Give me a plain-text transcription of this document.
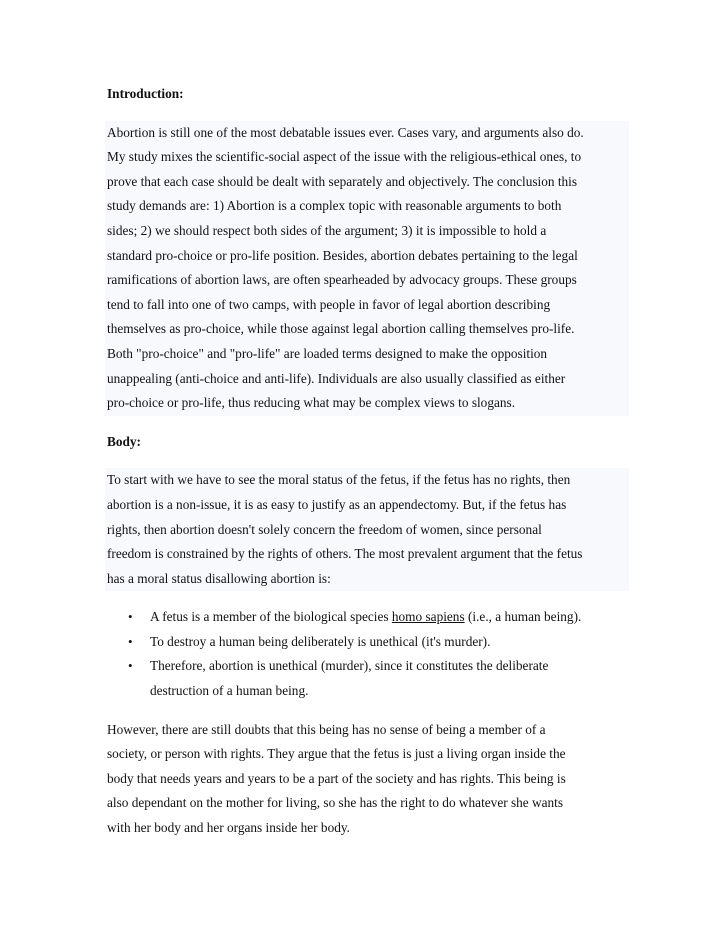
Introduction:

Abortion is still one of the most debatable issues ever. Cases vary, and arguments also do.
My study mixes the scientific-social aspect of the issue with the religious-ethical ones, to
prove that each case should be dealt with separately and objectively. The conclusion this
study demands are: 1) Abortion is a complex topic with reasonable arguments to both
sides; 2) we should respect both sides of the argument; 3) it is impossible to hold a
standard pro-choice or pro-life position. Besides, abortion debates pertaining to the legal
ramifications of abortion laws, are often spearheaded by advocacy groups. These groups
tend to fall into one of two camps, with people in favor of legal abortion describing
themselves as pro-choice, while those against legal abortion calling themselves pro-life.
Both "pro-choice" and "pro-life" are loaded terms designed to make the opposition
unappealing (anti-choice and anti-life). Individuals are also usually classified as either
pro-choice or pro-life, thus reducing what may be complex views to slogans.

Body:

To start with we have to see the moral status of the fetus, if the fetus has no rights, then
abortion is a non-issue, it is as easy to justify as an appendectomy. But, if the fetus has
rights, then abortion doesn't solely concern the freedom of women, since personal
freedom is constrained by the rights of others. The most prevalent argument that the fetus
has a moral status disallowing abortion is:

• A fetus is a member of the biological species homo sapiens (i.e., a human being).
• To destroy a human being deliberately is unethical (it's murder).
• Therefore, abortion is unethical (murder), since it constitutes the deliberate
destruction of a human being.

However, there are still doubts that this being has no sense of being a member of a
society, or person with rights. They argue that the fetus is just a living organ inside the
body that needs years and years to be a part of the society and has rights. This being is
also dependant on the mother for living, so she has the right to do whatever she wants
with her body and her organs inside her body.
